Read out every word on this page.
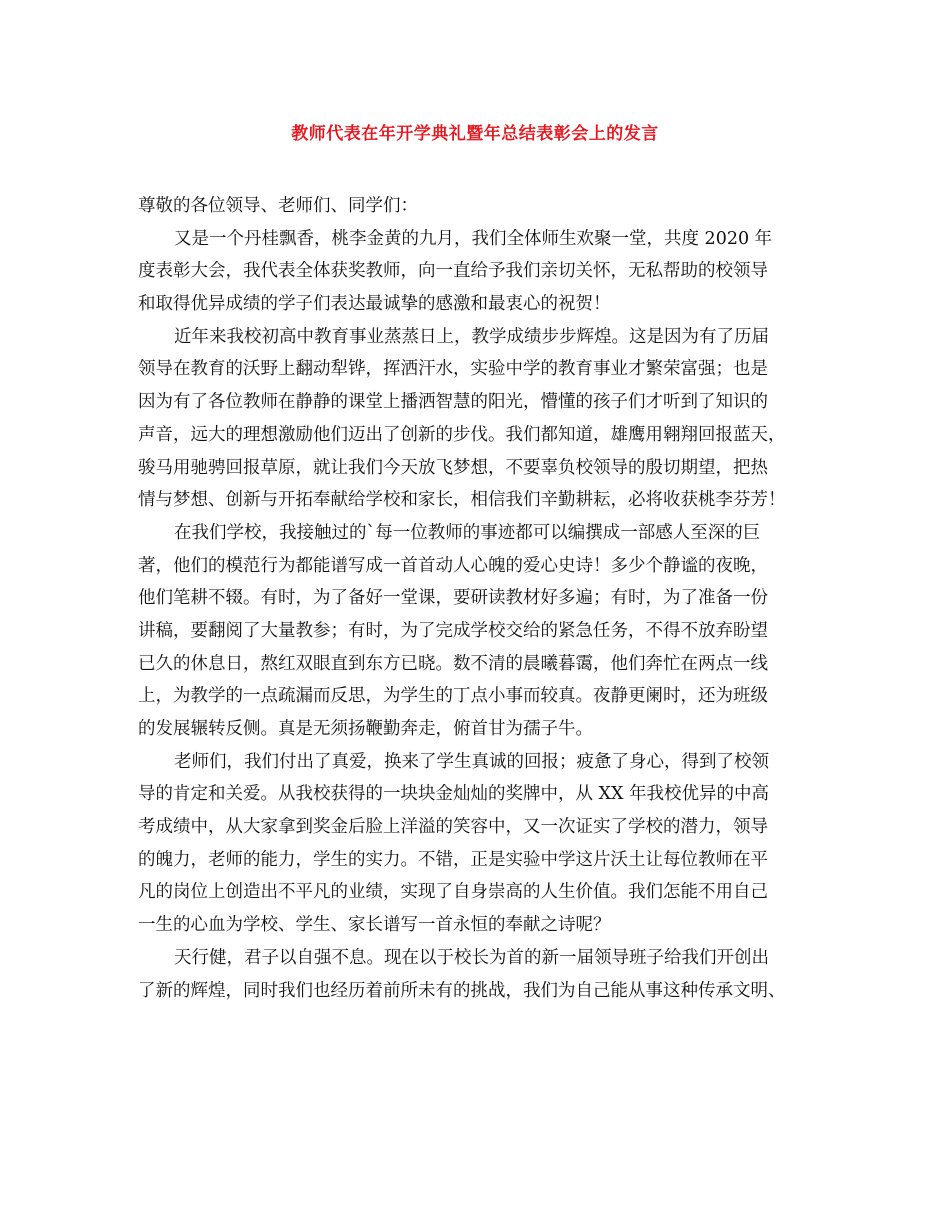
教师代表在年开学典礼暨年总结表彰会上的发言

尊敬的各位领导、老师们、同学们：

又是一个丹桂飘香，桃李金黄的九月，我们全体师生欢聚一堂，共度 2020 年

度表彰大会，我代表全体获奖教师，向一直给予我们亲切关怀，无私帮助的校领导

和取得优异成绩的学子们表达最诚挚的感激和最衷心的祝贺！

近年来我校初高中教育事业蒸蒸日上，教学成绩步步辉煌。这是因为有了历届

领导在教育的沃野上翻动犁铧，挥洒汗水，实验中学的教育事业才繁荣富强；也是

因为有了各位教师在静静的课堂上播洒智慧的阳光，懵懂的孩子们才听到了知识的

声音，远大的理想激励他们迈出了创新的步伐。我们都知道，雄鹰用翱翔回报蓝天，

骏马用驰骋回报草原，就让我们今天放飞梦想，不要辜负校领导的殷切期望，把热

情与梦想、创新与开拓奉献给学校和家长，相信我们辛勤耕耘，必将收获桃李芬芳！

在我们学校，我接触过的`每一位教师的事迹都可以编撰成一部感人至深的巨

著，他们的模范行为都能谱写成一首首动人心魄的爱心史诗！多少个静谧的夜晚，

他们笔耕不辍。有时，为了备好一堂课，要研读教材好多遍；有时，为了准备一份

讲稿，要翻阅了大量教参；有时，为了完成学校交给的紧急任务，不得不放弃盼望

已久的休息日，熬红双眼直到东方已晓。数不清的晨曦暮霭，他们奔忙在两点一线

上，为教学的一点疏漏而反思，为学生的丁点小事而较真。夜静更阑时，还为班级

的发展辗转反侧。真是无须扬鞭勤奔走，俯首甘为孺子牛。

老师们，我们付出了真爱，换来了学生真诚的回报；疲惫了身心，得到了校领

导的肯定和关爱。从我校获得的一块块金灿灿的奖牌中，从 XX 年我校优异的中高

考成绩中，从大家拿到奖金后脸上洋溢的笑容中，又一次证实了学校的潜力，领导

的魄力，老师的能力，学生的实力。不错，正是实验中学这片沃土让每位教师在平

凡的岗位上创造出不平凡的业绩，实现了自身崇高的人生价值。我们怎能不用自己

一生的心血为学校、学生、家长谱写一首永恒的奉献之诗呢？

天行健，君子以自强不息。现在以于校长为首的新一届领导班子给我们开创出

了新的辉煌，同时我们也经历着前所未有的挑战，我们为自己能从事这种传承文明、
